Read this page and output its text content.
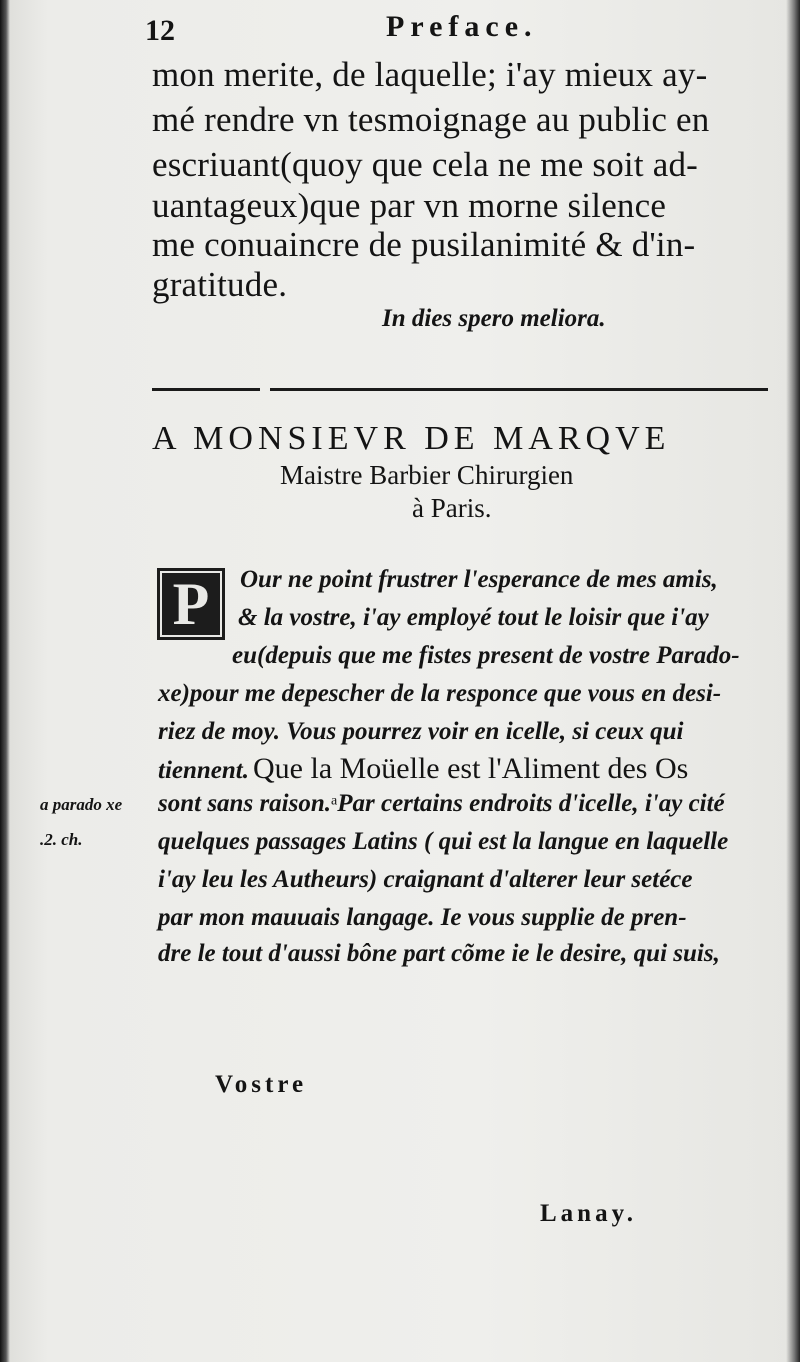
12	Preface.
mon merite, de laquelle; i'ay mieux ay-
mé rendre vn tesmoignage au public en
escriuant(quoy que cela ne me soit ad-
uantageux)que par vn morne silence
me conuaincre de pusilanimité & d'in-
gratitude.
In dies spero meliora.
A MONSIEVR DE MARQVE
Maistre Barbier Chirurgien
à Paris.
P	Our ne point frustrer l'esperance de mes amis,
& la vostre, i'ay employé tout le loisir que i'ay
eu(depuis que me fistes present de vostre Parado-
xe)pour me depescher de la responce que vous en desi-
riez de moy. Vous pourrez voir en icelle, si ceux qui
tiennent. Que la Moüelle est l'Aliment des Os
sont sans raison.$^a$Par certains endroits d'icelle, i'ay cité
quelques passages Latins ( qui est la langue en laquelle
i'ay leu les Autheurs) craignant d'alterer leur setéce
par mon mauuais langage. Ie vous supplie de pren-
dre le tout d'aussi bône part cõme ie le desire, qui suis,
a parado xe
.2. ch.
Vostre
Lanay.
